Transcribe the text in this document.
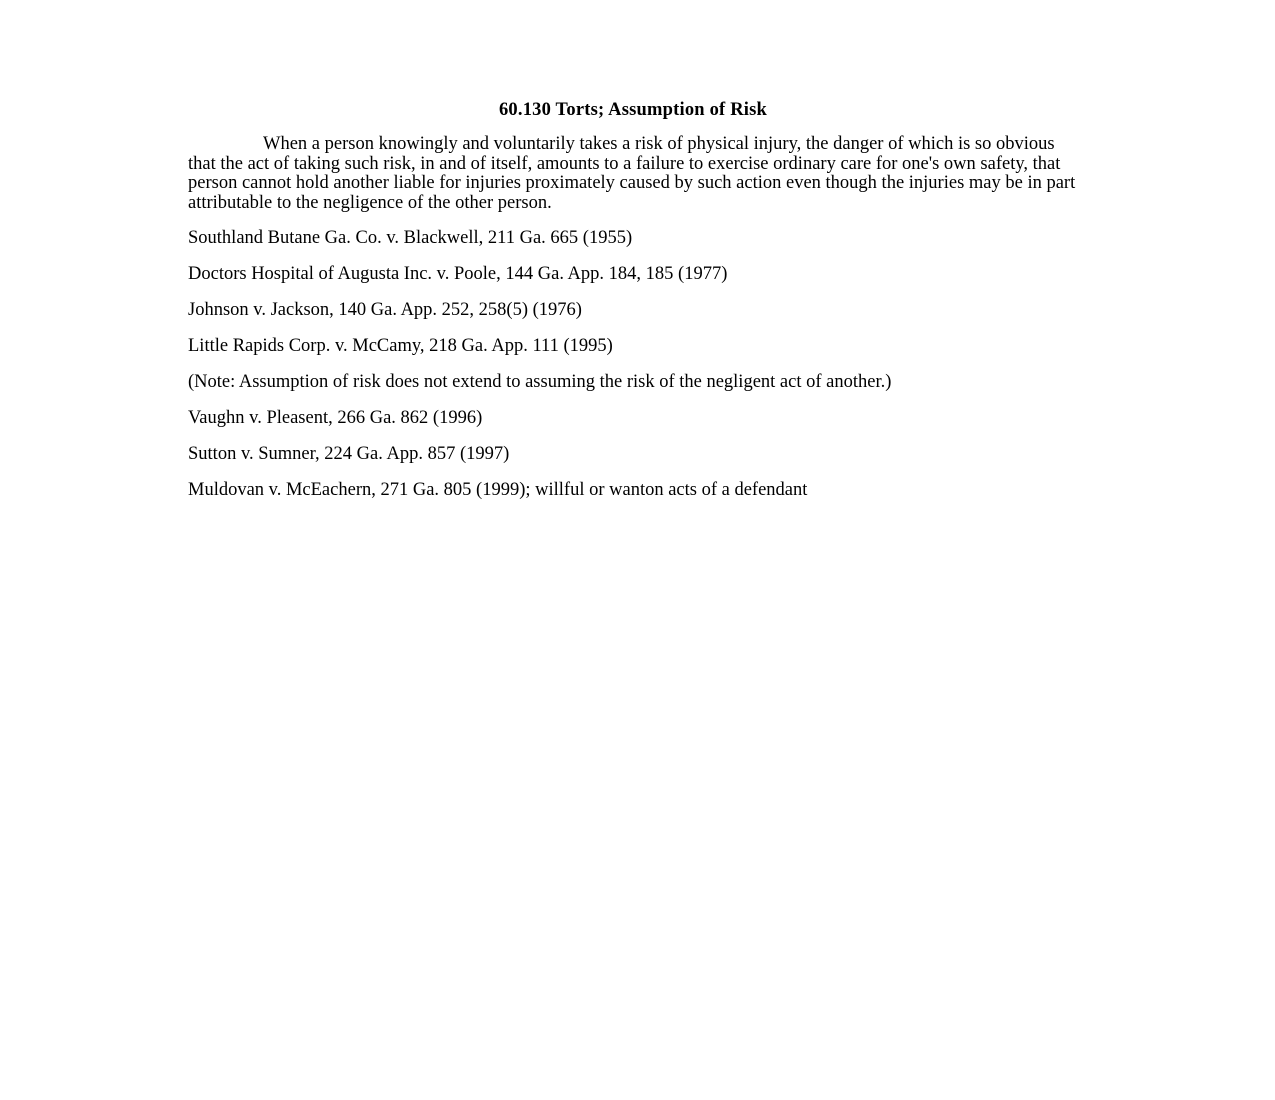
60.130 Torts; Assumption of Risk

When a person knowingly and voluntarily takes a risk of physical injury, the danger of which is so obvious that the act of taking such risk, in and of itself, amounts to a failure to exercise ordinary care for one's own safety, that person cannot hold another liable for injuries proximately caused by such action even though the injuries may be in part attributable to the negligence of the other person.

Southland Butane Ga. Co. v. Blackwell, 211 Ga. 665 (1955)

Doctors Hospital of Augusta Inc. v. Poole, 144 Ga. App. 184, 185 (1977)

Johnson v. Jackson, 140 Ga. App. 252, 258(5) (1976)

Little Rapids Corp. v. McCamy, 218 Ga. App. 111 (1995)

(Note: Assumption of risk does not extend to assuming the risk of the negligent act of another.)

Vaughn v. Pleasent, 266 Ga. 862 (1996)

Sutton v. Sumner, 224 Ga. App. 857 (1997)

Muldovan v. McEachern, 271 Ga. 805 (1999); willful or wanton acts of a defendant
